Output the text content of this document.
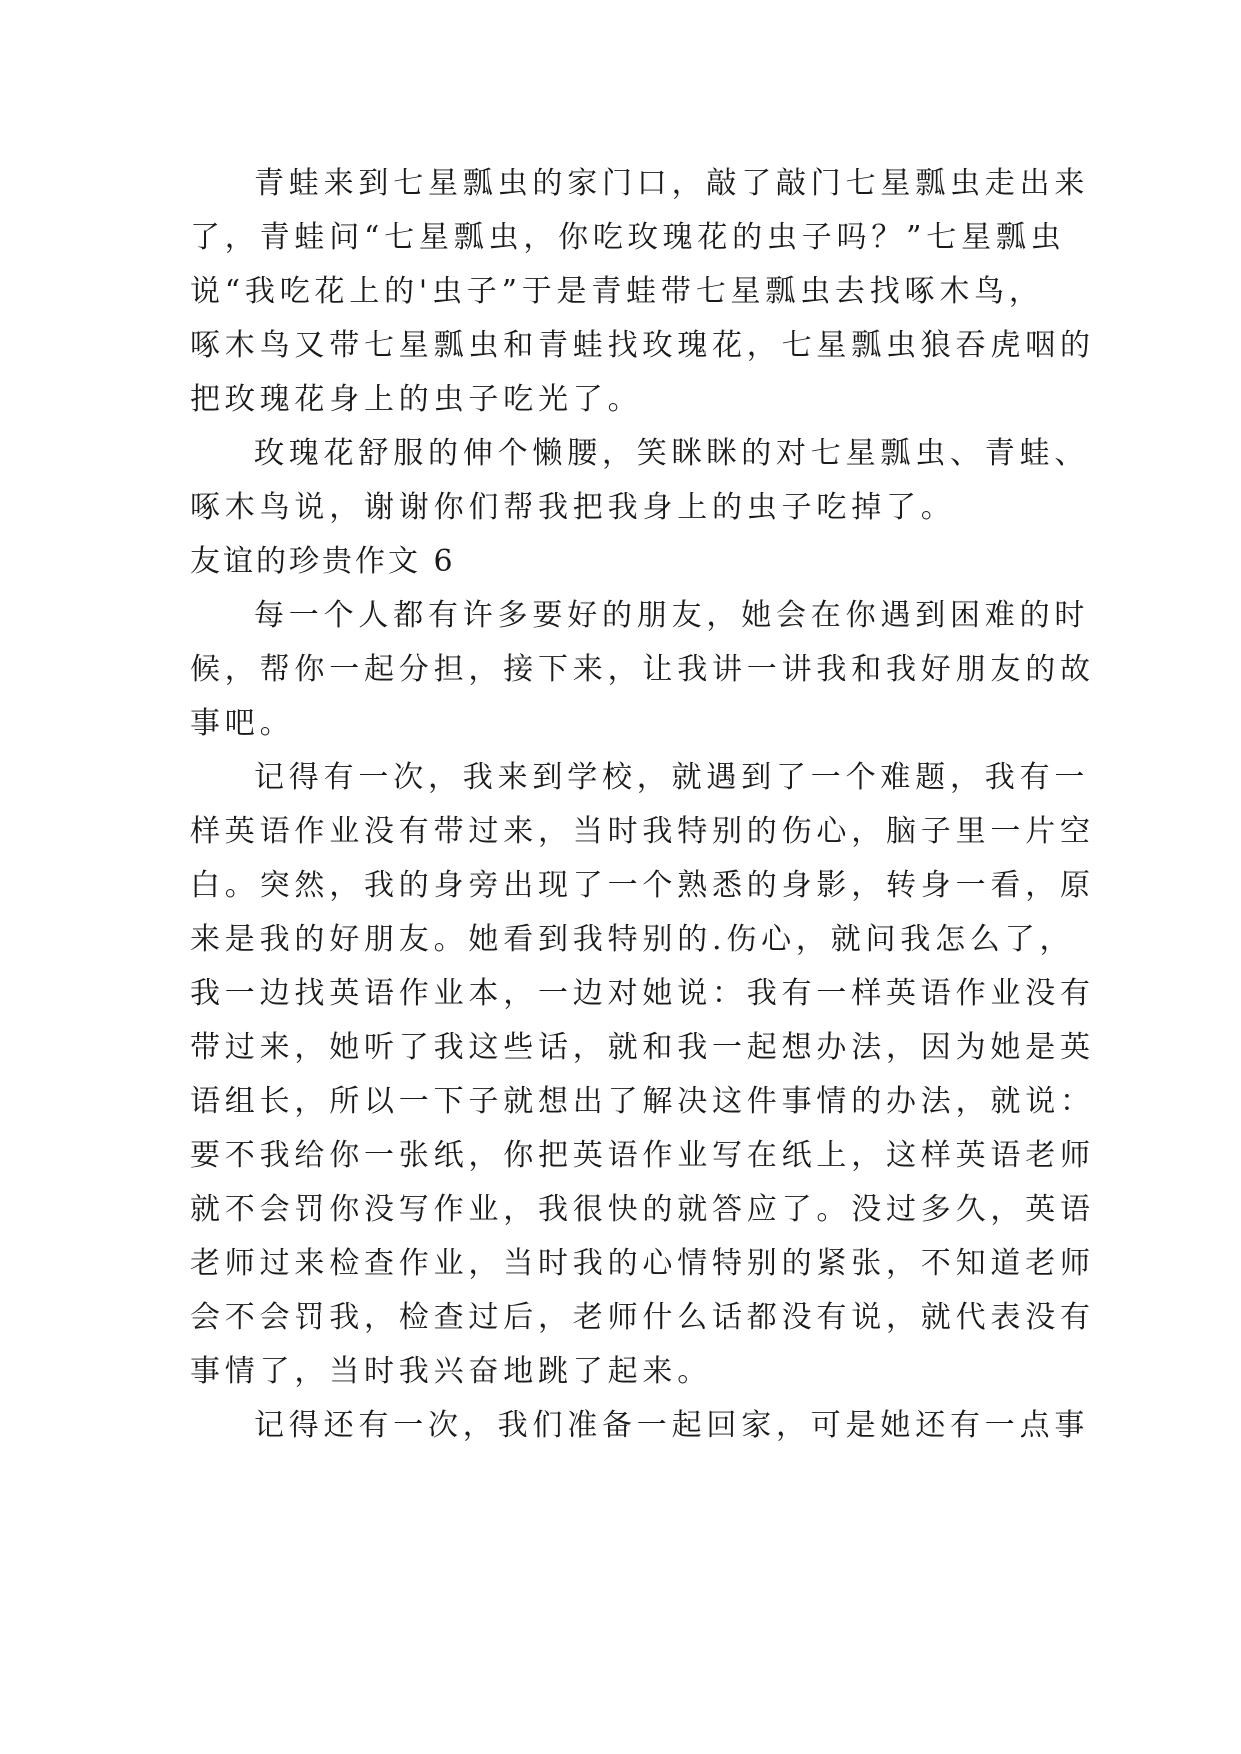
青蛙来到七星瓢虫的家门口，敲了敲门七星瓢虫走出来
了，青蛙问“七星瓢虫，你吃玫瑰花的虫子吗？”七星瓢虫
说“我吃花上的'虫子”于是青蛙带七星瓢虫去找啄木鸟，
啄木鸟又带七星瓢虫和青蛙找玫瑰花，七星瓢虫狼吞虎咽的
把玫瑰花身上的虫子吃光了。
玫瑰花舒服的伸个懒腰，笑眯眯的对七星瓢虫、青蛙、
啄木鸟说，谢谢你们帮我把我身上的虫子吃掉了。
友谊的珍贵作文 6
每一个人都有许多要好的朋友，她会在你遇到困难的时
候，帮你一起分担，接下来，让我讲一讲我和我好朋友的故
事吧。
记得有一次，我来到学校，就遇到了一个难题，我有一
样英语作业没有带过来，当时我特别的伤心，脑子里一片空
白。突然，我的身旁出现了一个熟悉的身影，转身一看，原
来是我的好朋友。她看到我特别的.伤心，就问我怎么了，
我一边找英语作业本，一边对她说：我有一样英语作业没有
带过来，她听了我这些话，就和我一起想办法，因为她是英
语组长，所以一下子就想出了解决这件事情的办法，就说：
要不我给你一张纸，你把英语作业写在纸上，这样英语老师
就不会罚你没写作业，我很快的就答应了。没过多久，英语
老师过来检查作业，当时我的心情特别的紧张，不知道老师
会不会罚我，检查过后，老师什么话都没有说，就代表没有
事情了，当时我兴奋地跳了起来。
记得还有一次，我们准备一起回家，可是她还有一点事
